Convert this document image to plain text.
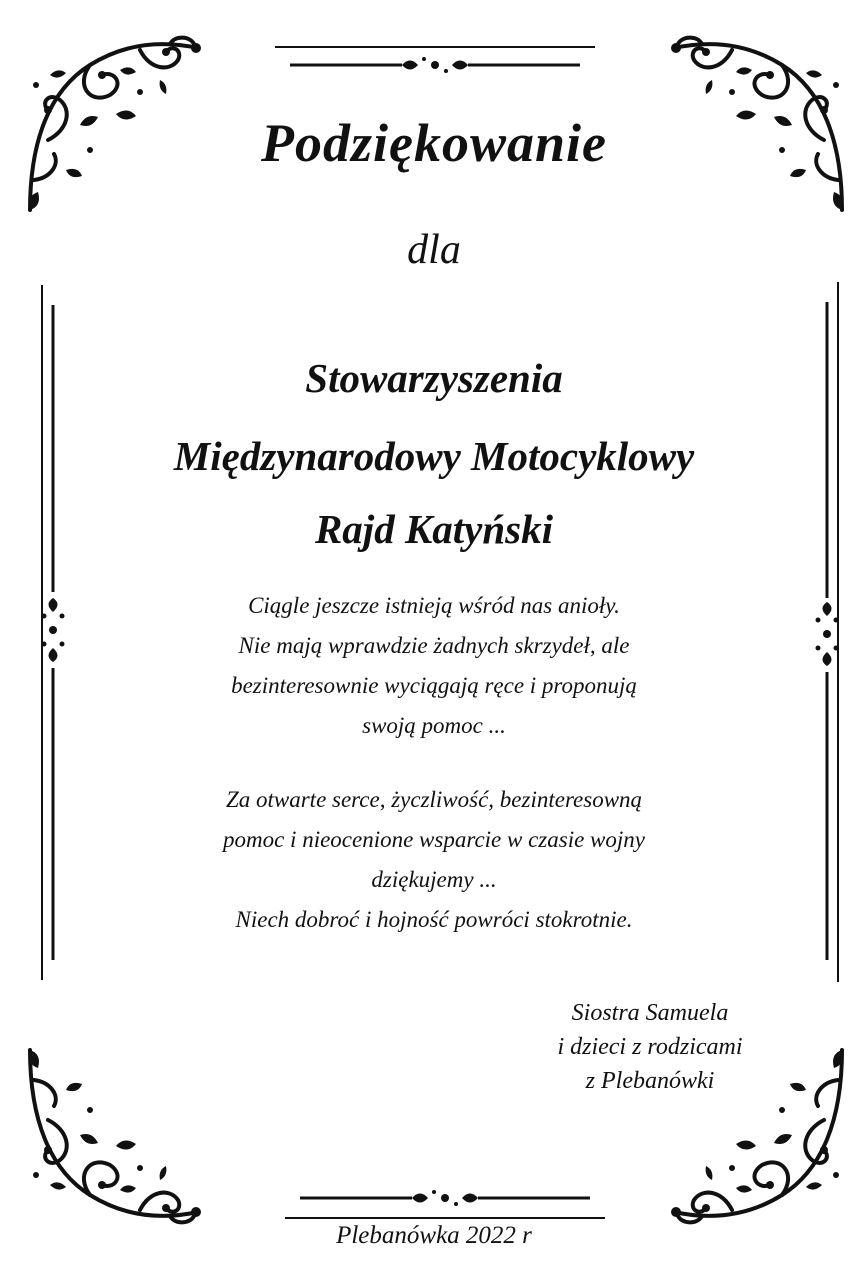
Podziękowanie
dla
Stowarzyszenia
Międzynarodowy Motocyklowy
Rajd Katyński
Ciągle jeszcze istnieją wśród nas anioły.
Nie mają wprawdzie żadnych skrzydeł, ale
bezinteresownie wyciągają ręce i proponują
swoją pomoc ...
Za otwarte serce, życzliwość, bezinteresowną
pomoc i nieocenione wsparcie w czasie wojny
dziękujemy ...
Niech dobroć i hojność powróci stokrotnie.
Siostra Samuela
i dzieci z rodzicami
z Plebanówki
Plebanówka 2022 r
